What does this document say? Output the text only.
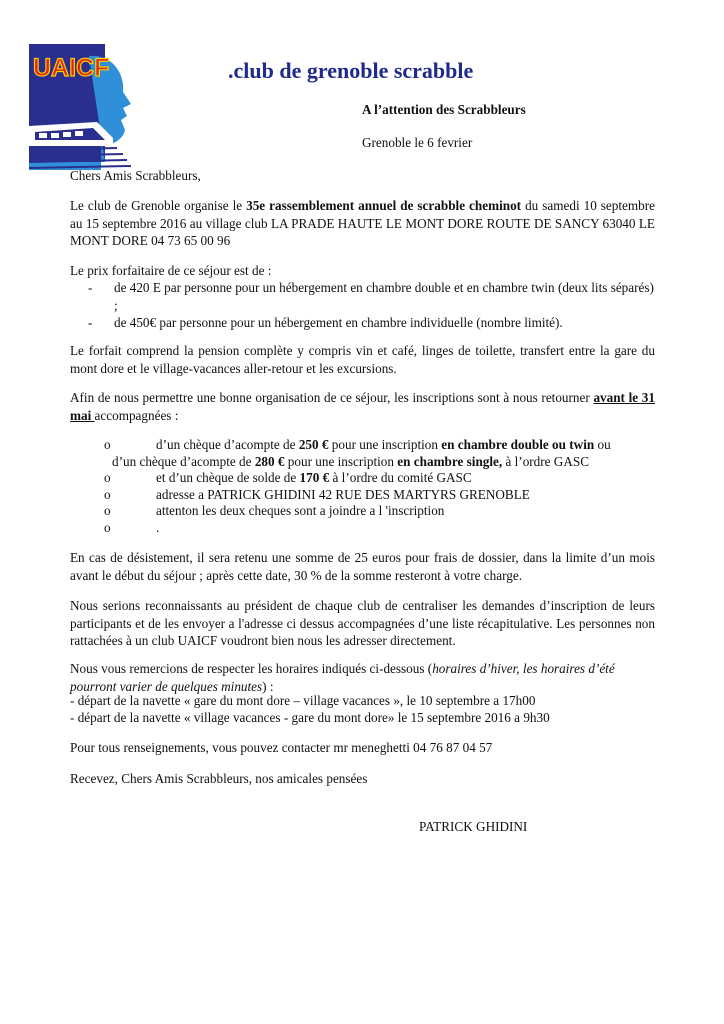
UAICF	.club de grenoble scrabble
A l’attention des Scrabbleurs
Grenoble le 6 fevrier
Chers Amis Scrabbleurs,

Le club de Grenoble organise le 35e rassemblement annuel de scrabble cheminot du samedi 10 septembre au 15 septembre 2016 au village club LA PRADE HAUTE LE MONT DORE ROUTE DE SANCY 63040 LE MONT DORE 04 73 65 00 96

Le prix forfaitaire de ce séjour est de :
- de 420 E par personne pour un hébergement en chambre double et en chambre twin (deux lits séparés) ;
- de 450€ par personne pour un hébergement en chambre individuelle (nombre limité).

Le forfait comprend la pension complète y compris vin et café, linges de toilette, transfert entre la gare du mont dore et le village-vacances aller-retour et les excursions.

Afin de nous permettre une bonne organisation de ce séjour, les inscriptions sont à nous retourner avant le 31 mai accompagnées :

o	d’un chèque d’acompte de 250 € pour une inscription en chambre double ou twin ou
d’un chèque d’acompte de 280 € pour une inscription en chambre single, à l’ordre GASC
o	et d’un chèque de solde de 170 € à l’ordre du comité GASC
o	adresse a PATRICK GHIDINI 42 RUE DES MARTYRS GRENOBLE
o	attenton les deux cheques sont a joindre a l 'inscription
o	.

En cas de désistement, il sera retenu une somme de 25 euros pour frais de dossier, dans la limite d’un mois avant le début du séjour ; après cette date, 30 % de la somme resteront à votre charge.

Nous serions reconnaissants au président de chaque club de centraliser les demandes d’inscription de leurs participants et de les envoyer a l'adresse ci dessus accompagnées d’une liste récapitulative. Les personnes non rattachées à un club UAICF voudront bien nous les adresser directement.

Nous vous remercions de respecter les horaires indiqués ci-dessous (horaires d’hiver, les horaires d’été pourront varier de quelques minutes) :

- départ de la navette « gare du mont dore – village vacances », le 10 septembre a 17h00
- départ de la navette « village vacances - gare du mont dore» le 15 septembre 2016 a 9h30
Pour tous renseignements, vous pouvez contacter mr meneghetti 04 76 87 04 57
Recevez, Chers Amis Scrabbleurs, nos amicales pensées
PATRICK GHIDINI
